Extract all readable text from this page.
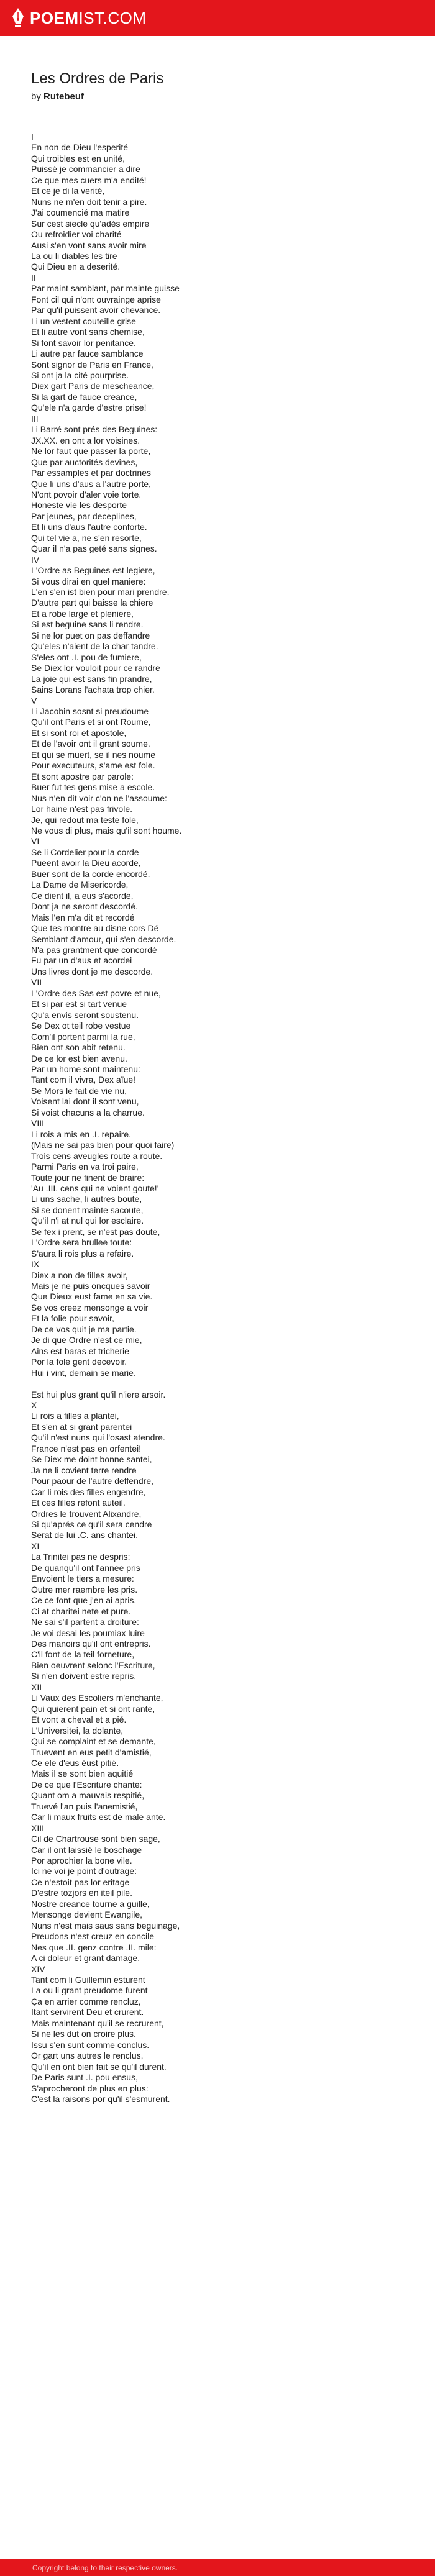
POEMIST.COM
Les Ordres de Paris
by Rutebeuf
I
En non de Dieu l'esperité
Qui troibles est en unité,
Puissé je commancier a dire
Ce que mes cuers m'a endité!
Et ce je di la verité,
Nuns ne m'en doit tenir a pire.
J'ai coumencié ma matire
Sur cest siecle qu'adés empire
Ou refroidier voi charité
Ausi s'en vont sans avoir mire
La ou li diables les tire
Qui Dieu en a deserité.
II
Par maint samblant, par mainte guisse
Font cil qui n'ont ouvrainge aprise
Par qu'il puissent avoir chevance.
Li un vestent couteille grise
Et li autre vont sans chemise,
Si font savoir lor penitance.
Li autre par fauce samblance
Sont signor de Paris en France,
Si ont ja la cité pourprise.
Diex gart Paris de mescheance,
Si la gart de fauce creance,
Qu'ele n'a garde d'estre prise!
III
Li Barré sont prés des Beguines:
JX.XX. en ont a lor voisines.
Ne lor faut que passer la porte,
Que par auctorités devines,
Par essamples et par doctrines
Que li uns d'aus a l'autre porte,
N'ont povoir d'aler voie torte.
Honeste vie les desporte
Par jeunes, par deceplines,
Et li uns d'aus l'autre conforte.
Qui tel vie a, ne s'en resorte,
Quar il n'a pas geté sans signes.
IV
L'Ordre as Beguines est legiere,
Si vous dirai en quel maniere:
L'en s'en ist bien pour mari prendre.
D'autre part qui baisse la chiere
Et a robe large et pleniere,
Si est beguine sans li rendre.
Si ne lor puet on pas deffandre
Qu'eles n'aient de la char tandre.
S'eles ont .I. pou de fumiere,
Se Diex lor vouloit pour ce randre
La joie qui est sans fin prandre,
Sains Lorans l'achata trop chier.
V
Li Jacobin sosnt si preudoume
Qu'il ont Paris et si ont Roume,
Et si sont roi et apostole,
Et de l'avoir ont il grant soume.
Et qui se muert, se il nes noume
Pour executeurs, s'ame est fole.
Et sont apostre par parole:
Buer fut tes gens mise a escole.
Nus n'en dit voir c'on ne l'assoume:
Lor haine n'est pas frivole.
Je, qui redout ma teste fole,
Ne vous di plus, mais qu'il sont houme.
VI
Se li Cordelier pour la corde
Pueent avoir la Dieu acorde,
Buer sont de la corde encordé.
La Dame de Misericorde,
Ce dient il, a eus s'acorde,
Dont ja ne seront descordé.
Mais l'en m'a dit et recordé
Que tes montre au disne cors Dé
Semblant d'amour, qui s'en descorde.
N'a pas grantment que concordé
Fu par un d'aus et acordei
Uns livres dont je me descorde.
VII
L'Ordre des Sas est povre et nue,
Et si par est si tart venue
Qu'a envis seront soustenu.
Se Dex ot teil robe vestue
Com'il portent parmi la rue,
Bien ont son abit retenu.
De ce lor est bien avenu.
Par un home sont maintenu:
Tant com il vivra, Dex aïue!
Se Mors le fait de vie nu,
Voisent lai dont il sont venu,
Si voist chacuns a la charrue.
VIII
Li rois a mis en .I. repaire.
(Mais ne sai pas bien pour quoi faire)
Trois cens aveugles route a route.
Parmi Paris en va troi paire,
Toute jour ne finent de braire:
'Au .III. cens qui ne voient goute!'
Li uns sache, li autres boute,
Si se donent mainte sacoute,
Qu'il n'i at nul qui lor esclaire.
Se fex i prent, se n'est pas doute,
L'Ordre sera brullee toute:
S'aura li rois plus a refaire.
IX
Diex a non de filles avoir,
Mais je ne puis oncques savoir
Que Dieux eust fame en sa vie.
Se vos creez mensonge a voir
Et la folie pour savoir,
De ce vos quit je ma partie.
Je di que Ordre n'est ce mie,
Ains est baras et tricherie
Por la fole gent decevoir.
Hui i vint, demain se marie.
Est hui plus grant qu'il n'iere arsoir.
X
Li rois a filles a plantei,
Et s'en at si grant parentei
Qu'il n'est nuns qui l'osast atendre.
France n'est pas en orfentei!
Se Diex me doint bonne santei,
Ja ne li covient terre rendre
Pour paour de l'autre deffendre,
Car li rois des filles engendre,
Et ces filles refont auteil.
Ordres le trouvent Alixandre,
Si qu'aprés ce qu'il sera cendre
Serat de lui .C. ans chantei.
XI
La Trinitei pas ne despris:
De quanqu'il ont l'annee pris
Envoient le tiers a mesure:
Outre mer raembre les pris.
Ce ce font que j'en ai apris,
Ci at charitei nete et pure.
Ne sai s'il partent a droiture:
Je voi desai les poumiax luire
Des manoirs qu'il ont entrepris.
C'il font de la teil forneture,
Bien oeuvrent selonc l'Escriture,
Si n'en doivent estre repris.
XII
Li Vaux des Escoliers m'enchante,
Qui quierent pain et si ont rante,
Et vont a cheval et a pié.
L'Universitei, la dolante,
Qui se complaint et se demante,
Truevent en eus petit d'amistié,
Ce ele d'eus éust pitié.
Mais il se sont bien aquitié
De ce que l'Escriture chante:
Quant om a mauvais respitié,
Truevé l'an puis l'anemistié,
Car li maux fruits est de male ante.
XIII
Cil de Chartrouse sont bien sage,
Car il ont laissié le boschage
Por aprochier la bone vile.
Ici ne voi je point d'outrage:
Ce n'estoit pas lor eritage
D'estre tozjors en iteil pile.
Nostre creance tourne a guille,
Mensonge devient Ewangile,
Nuns n'est mais saus sans beguinage,
Preudons n'est creuz en concile
Nes que .II. genz contre .II. mile:
A ci doleur et grant damage.
XIV
Tant com li Guillemin esturent
La ou li grant preudome furent
Ça en arrier comme rencluz,
Itant servirent Deu et crurent.
Mais maintenant qu'il se recrurent,
Si ne les dut on croire plus.
Issu s'en sunt comme conclus.
Or gart uns autres le renclus,
Qu'il en ont bien fait se qu'il durent.
De Paris sunt .I. pou ensus,
S'aprocheront de plus en plus:
C'est la raisons por qu'il s'esmurent.
Copyright belong to their respective owners.
